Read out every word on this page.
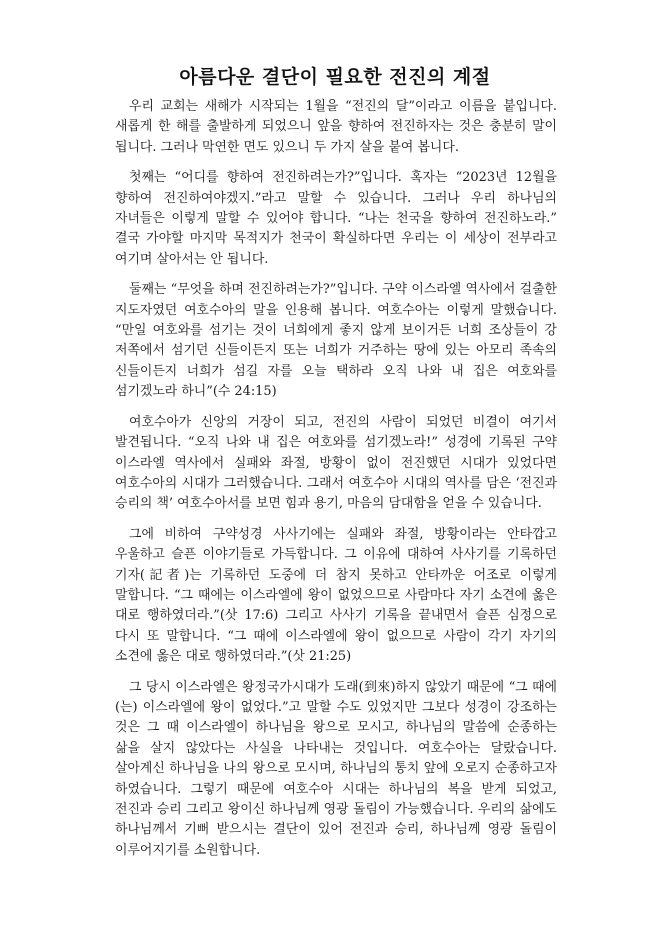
아름다운 결단이 필요한 전진의 계절

우리 교회는 새해가 시작되는 1월을 “전진의 달”이라고 이름을 붙입니다. 새롭게 한 해를 출발하게 되었으니 앞을 향하여 전진하자는 것은 충분히 말이 됩니다. 그러나 막연한 면도 있으니 두 가지 살을 붙여 봅니다.

첫째는 “어디를 향하여 전진하려는가?”입니다. 혹자는 “2023년 12월을 향하여 전진하여야겠지.”라고 말할 수 있습니다. 그러나 우리 하나님의 자녀들은 이렇게 말할 수 있어야 합니다. “나는 천국을 향하여 전진하노라.” 결국 가야할 마지막 목적지가 천국이 확실하다면 우리는 이 세상이 전부라고 여기며 살아서는 안 됩니다.

둘째는 “무엇을 하며 전진하려는가?”입니다. 구약 이스라엘 역사에서 걸출한 지도자였던 여호수아의 말을 인용해 봅니다. 여호수아는 이렇게 말했습니다. “만일 여호와를 섬기는 것이 너희에게 좋지 않게 보이거든 너희 조상들이 강 저쪽에서 섬기던 신들이든지 또는 너희가 거주하는 땅에 있는 아모리 족속의 신들이든지 너희가 섬길 자를 오늘 택하라 오직 나와 내 집은 여호와를 섬기겠노라 하니”(수 24:15)

여호수아가 신앙의 거장이 되고, 전진의 사람이 되었던 비결이 여기서 발견됩니다. “오직 나와 내 집은 여호와를 섬기겠노라!” 성경에 기록된 구약 이스라엘 역사에서 실패와 좌절, 방황이 없이 전진했던 시대가 있었다면 여호수아의 시대가 그러했습니다. 그래서 여호수아 시대의 역사를 담은 ‘전진과 승리의 책’ 여호수아서를 보면 힘과 용기, 마음의 담대함을 얻을 수 있습니다.

그에 비하여 구약성경 사사기에는 실패와 좌절, 방황이라는 안타깝고 우울하고 슬픈 이야기들로 가득합니다. 그 이유에 대하여 사사기를 기록하던 기자(記者)는 기록하던 도중에 더 참지 못하고 안타까운 어조로 이렇게 말합니다. “그 때에는 이스라엘에 왕이 없었으므로 사람마다 자기 소견에 옳은 대로 행하였더라.”(삿 17:6) 그리고 사사기 기록을 끝내면서 슬픈 심정으로 다시 또 말합니다. “그 때에 이스라엘에 왕이 없으므로 사람이 각기 자기의 소견에 옳은 대로 행하였더라.”(삿 21:25)

그 당시 이스라엘은 왕정국가시대가 도래(到來)하지 않았기 때문에 “그 때에(는) 이스라엘에 왕이 없었다.”고 말할 수도 있었지만 그보다 성경이 강조하는 것은 그 때 이스라엘이 하나님을 왕으로 모시고, 하나님의 말씀에 순종하는 삶을 살지 않았다는 사실을 나타내는 것입니다. 여호수아는 달랐습니다. 살아계신 하나님을 나의 왕으로 모시며, 하나님의 통치 앞에 오로지 순종하고자 하였습니다. 그렇기 때문에 여호수아 시대는 하나님의 복을 받게 되었고, 전진과 승리 그리고 왕이신 하나님께 영광 돌림이 가능했습니다. 우리의 삶에도 하나님께서 기뻐 받으시는 결단이 있어 전진과 승리, 하나님께 영광 돌림이 이루어지기를 소원합니다.
